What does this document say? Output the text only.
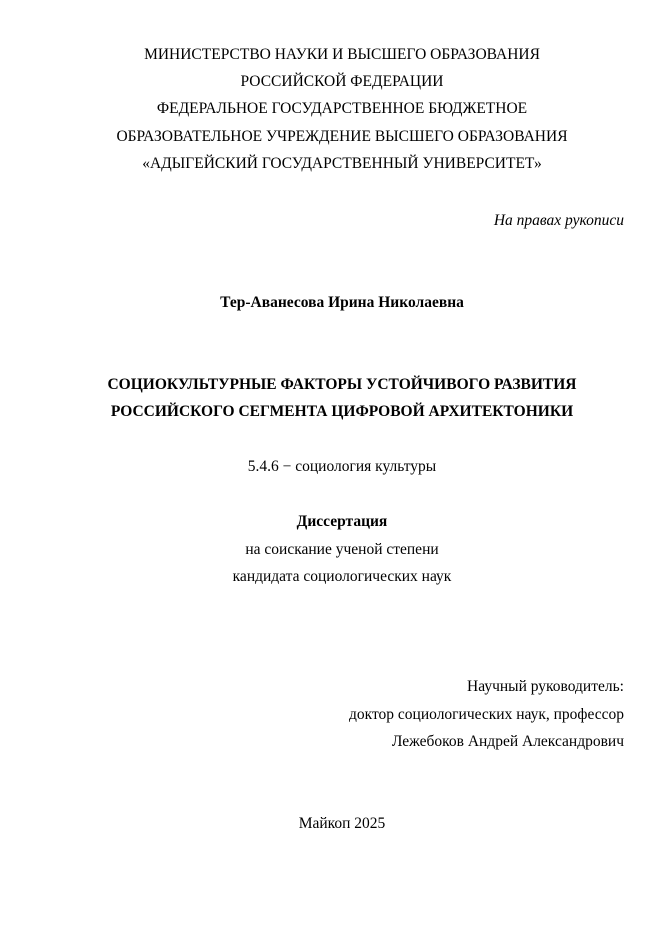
МИНИСТЕРСТВО НАУКИ И ВЫСШЕГО ОБРАЗОВАНИЯ
РОССИЙСКОЙ ФЕДЕРАЦИИ
ФЕДЕРАЛЬНОЕ ГОСУДАРСТВЕННОЕ БЮДЖЕТНОЕ
ОБРАЗОВАТЕЛЬНОЕ УЧРЕЖДЕНИЕ ВЫСШЕГО ОБРАЗОВАНИЯ
«АДЫГЕЙСКИЙ ГОСУДАРСТВЕННЫЙ УНИВЕРСИТЕТ»
На правах рукописи
Тер-Аванесова Ирина Николаевна
СОЦИОКУЛЬТУРНЫЕ ФАКТОРЫ УСТОЙЧИВОГО РАЗВИТИЯ
РОССИЙСКОГО СЕГМЕНТА ЦИФРОВОЙ АРХИТЕКТОНИКИ
5.4.6 − социология культуры
Диссертация
на соискание ученой степени
кандидата социологических наук
Научный руководитель:
доктор социологических наук, профессор
Лежебоков Андрей Александрович
Майкоп 2025
